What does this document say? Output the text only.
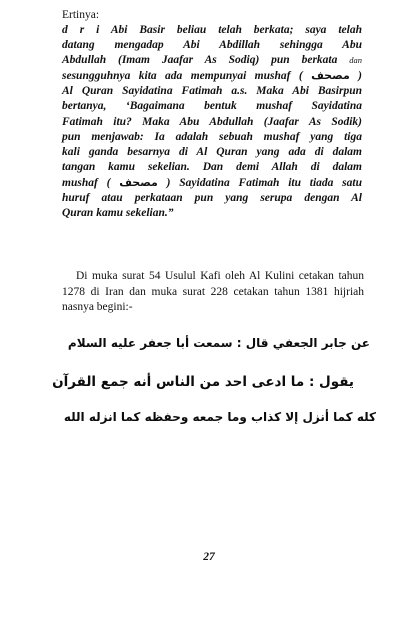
Ertinya:
d r i Abi Basir beliau telah berkata; saya telah
datang mengadap Abi Abdillah sehingga Abu
Abdullah (Imam Jaafar As Sodiq) pun berkata dan
sesungguhnya kita ada mempunyai mushaf ( مصحف )
Al Quran Sayidatina Fatimah a.s. Maka Abi Basirpun
bertanya, ‘Bagaimana bentuk mushaf Sayidatina
Fatimah itu? Maka Abu Abdullah (Jaafar As Sodik)
pun menjawab: Ia adalah sebuah mushaf yang tiga
kali ganda besarnya di Al Quran yang ada di dalam
tangan kamu sekelian. Dan demi Allah di dalam
mushaf ( مصحف ) Sayidatina Fatimah itu tiada satu
huruf atau perkataan pun yang serupa dengan Al
Quran kamu sekelian.”
Di muka surat 54 Usulul Kafi oleh Al Kulini cetakan tahun
1278 di Iran dan muka surat 228 cetakan tahun 1381 hijriah
nasnya begini:-
عن جابر الجعفي قال : سمعت أبا جعفر عليه السلام
يقول : ما ادعى احد من الناس أنه جمع القرآن
كله كما أنزل إلا كذاب وما جمعه وحفظه كما انزله الله
27
